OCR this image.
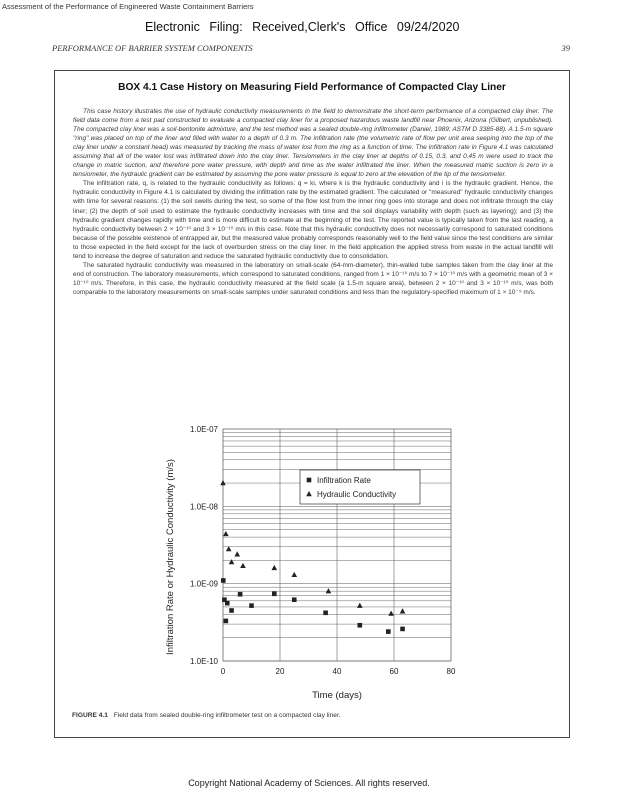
Assessment of the Performance of Engineered Waste Containment Barriers
Electronic Filing: Received,Clerk's Office 09/24/2020
PERFORMANCE OF BARRIER SYSTEM COMPONENTS	39
BOX 4.1 Case History on Measuring Field Performance of Compacted Clay Liner

This case history illustrates the use of hydraulic conductivity measurements in the field to demonstrate the short-term performance of a compacted clay liner. The field data come from a test pad constructed to evaluate a compacted clay liner for a proposed hazardous waste landfill near Phoenix, Arizona (Gilbert, unpublished). The compacted clay liner was a soil-bentonite admixture, and the test method was a sealed double-ring infiltrometer (Daniel, 1989; ASTM D 3385-88). A 1.5-m square "ring" was placed on top of the liner and filled with water to a depth of 0.3 m. The infiltration rate (the volumetric rate of flow per unit area seeping into the top of the clay liner under a constant head) was measured by tracking the mass of water lost from the ring as a function of time. The infiltration rate in Figure 4.1 was calculated assuming that all of the water lost was infiltrated down into the clay liner. Tensiometers in the clay liner at depths of 0.15, 0.3, and 0.45 m were used to track the change in matric suction, and therefore pore water pressure, with depth and time as the water infiltrated the liner. When the measured matric suction is zero in a tensiometer, the hydraulic gradient can be estimated by assuming the pore water pressure is equal to zero at the elevation of the tip of the tensiometer.

The infiltration rate, q, is related to the hydraulic conductivity as follows: q = ki, where k is the hydraulic conductivity and i is the hydraulic gradient. Hence, the hydraulic conductivity in Figure 4.1 is calculated by dividing the infiltration rate by the estimated gradient. The calculated or "measured" hydraulic conductivity changes with time for several reasons: (1) the soil swells during the test, so some of the flow lost from the inner ring goes into storage and does not infiltrate through the clay liner; (2) the depth of soil used to estimate the hydraulic conductivity increases with time and the soil displays variability with depth (such as layering); and (3) the hydraulic gradient changes rapidly with time and is more difficult to estimate at the beginning of the test. The reported value is typically taken from the last reading, a hydraulic conductivity between 2 × 10⁻¹⁰ and 3 × 10⁻¹⁰ m/s in this case. Note that this hydraulic conductivity does not necessarily correspond to saturated conditions because of the possible existence of entrapped air, but the measured value probably corresponds reasonably well to the field value since the test conditions are similar to those expected in the field except for the lack of overburden stress on the clay liner. In the field application the applied stress from waste in the actual landfill will tend to increase the degree of saturation and reduce the saturated hydraulic conductivity due to consolidation.

The saturated hydraulic conductivity was measured in the laboratory on small-scale (64-mm-diameter), thin-walled tube samples taken from the clay liner at the end of construction. The laboratory measurements, which correspond to saturated conditions, ranged from 1 × 10⁻¹⁰ m/s to 7 × 10⁻¹⁰ m/s with a geometric mean of 3 × 10⁻¹⁰ m/s. Therefore, in this case, the hydraulic conductivity measured at the field scale (a 1.5-m square area), between 2 × 10⁻¹⁰ and 3 × 10⁻¹⁰ m/s, was both comparable to the laboratory measurements on small-scale samples under saturated conditions and less than the regulatory-specified maximum of 1 × 10⁻⁹ m/s.

1.0E-10
1.0E-09
1.0E-08
1.0E-07
0	20	40	60	80
Time (days)
Infiltration Rate or Hydraulic Conductivity (m/s)	Infiltration Rate
Hydraulic Conductivity
FIGURE 4.1 Field data from sealed double-ring infiltrometer test on a compacted clay liner.
Copyright National Academy of Sciences. All rights reserved.
